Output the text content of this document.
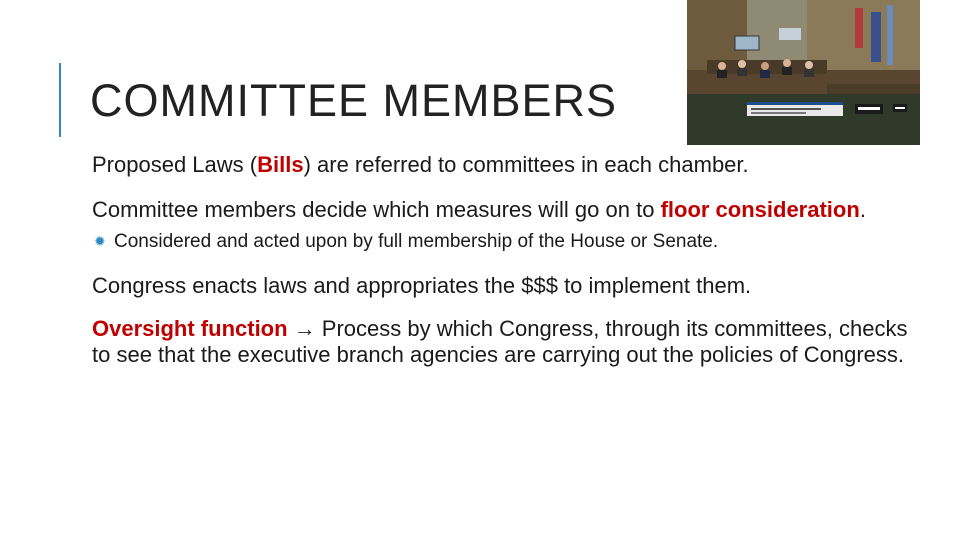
COMMITTEE MEMBERS

Proposed Laws (Bills) are referred to committees in each chamber.

Committee members decide which measures will go on to floor consideration.

✹ Considered and acted upon by full membership of the House or Senate.

Congress enacts laws and appropriates the $$$ to implement them.

Oversight function → Process by which Congress, through its committees, checks to see that the executive branch agencies are carrying out the policies of Congress.
